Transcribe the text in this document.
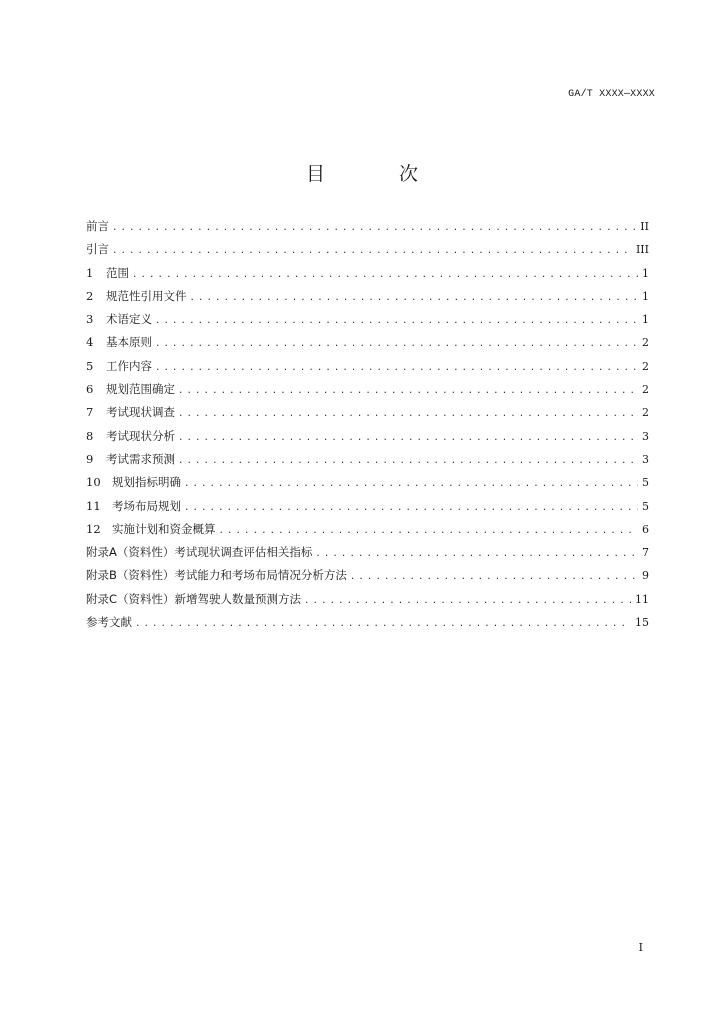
GA/T XXXX—XXXX
目 次
前言 .....	II
引言 .....	III
1	范围 .....	1
2	规范性引用文件 .....	1
3	术语定义 .....	1
4	基本原则 .....	2
5	工作内容 .....	2
6	规划范围确定 .....	2
7	考试现状调查 .....	2
8	考试现状分析 .....	3
9	考试需求预测 .....	3
10 规划指标明确 .....	5
11 考场布局规划 .....	5
12 实施计划和资金概算 .....	6
附录A（资料性）考试现状调查评估相关指标 .....	7
附录B（资料性）考试能力和考场布局情况分析方法 .....	9
附录C（资料性）新增驾驶人数量预测方法 .....	11
参考文献 .....	15
I
